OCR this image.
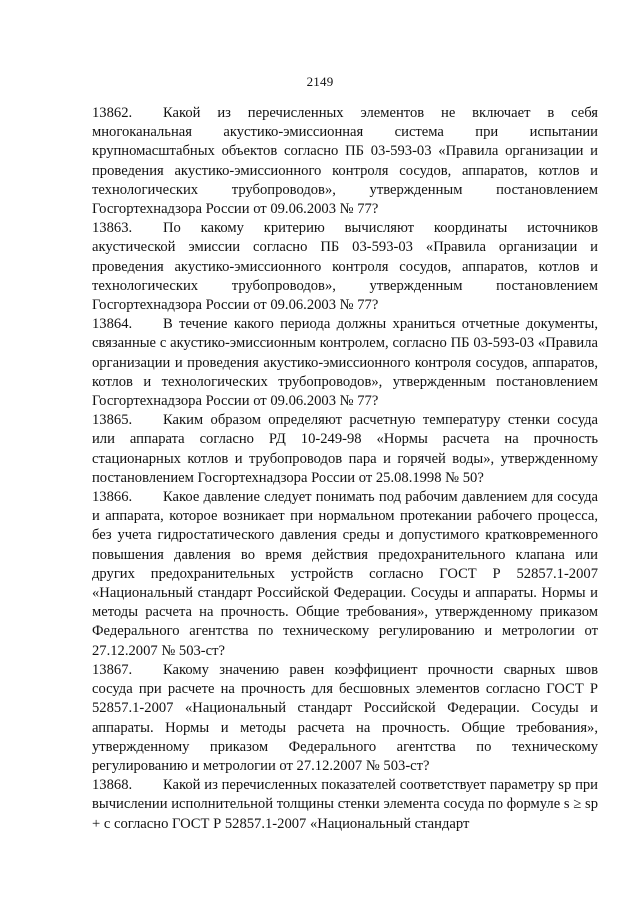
2149

13862. Какой из перечисленных элементов не включает в себя многоканальная акустико-эмиссионная система при испытании крупномасштабных объектов согласно ПБ 03-593-03 «Правила организации и проведения акустико-эмиссионного контроля сосудов, аппаратов, котлов и технологических трубопроводов», утвержденным постановлением Госгортехнадзора России от 09.06.2003 № 77?

13863. По какому критерию вычисляют координаты источников акустической эмиссии согласно ПБ 03-593-03 «Правила организации и проведения акустико-эмиссионного контроля сосудов, аппаратов, котлов и технологических трубопроводов», утвержденным постановлением Госгортехнадзора России от 09.06.2003 № 77?

13864. В течение какого периода должны храниться отчетные документы, связанные с акустико-эмиссионным контролем, согласно ПБ 03-593-03 «Правила организации и проведения акустико-эмиссионного контроля сосудов, аппаратов, котлов и технологических трубопроводов», утвержденным постановлением Госгортехнадзора России от 09.06.2003 № 77?

13865. Каким образом определяют расчетную температуру стенки сосуда или аппарата согласно РД 10-249-98 «Нормы расчета на прочность стационарных котлов и трубопроводов пара и горячей воды», утвержденному постановлением Госгортехнадзора России от 25.08.1998 № 50?

13866. Какое давление следует понимать под рабочим давлением для сосуда и аппарата, которое возникает при нормальном протекании рабочего процесса, без учета гидростатического давления среды и допустимого кратковременного повышения давления во время действия предохранительного клапана или других предохранительных устройств согласно ГОСТ Р 52857.1-2007 «Национальный стандарт Российской Федерации. Сосуды и аппараты. Нормы и методы расчета на прочность. Общие требования», утвержденному приказом Федерального агентства по техническому регулированию и метрологии от 27.12.2007 № 503-ст?

13867. Какому значению равен коэффициент прочности сварных швов сосуда при расчете на прочность для бесшовных элементов согласно ГОСТ Р 52857.1-2007 «Национальный стандарт Российской Федерации. Сосуды и аппараты. Нормы и методы расчета на прочность. Общие требования», утвержденному приказом Федерального агентства по техническому регулированию и метрологии от 27.12.2007 № 503-ст?

13868. Какой из перечисленных показателей соответствует параметру sp при вычислении исполнительной толщины стенки элемента сосуда по формуле s ≥ sp + c согласно ГОСТ Р 52857.1-2007 «Национальный стандарт
